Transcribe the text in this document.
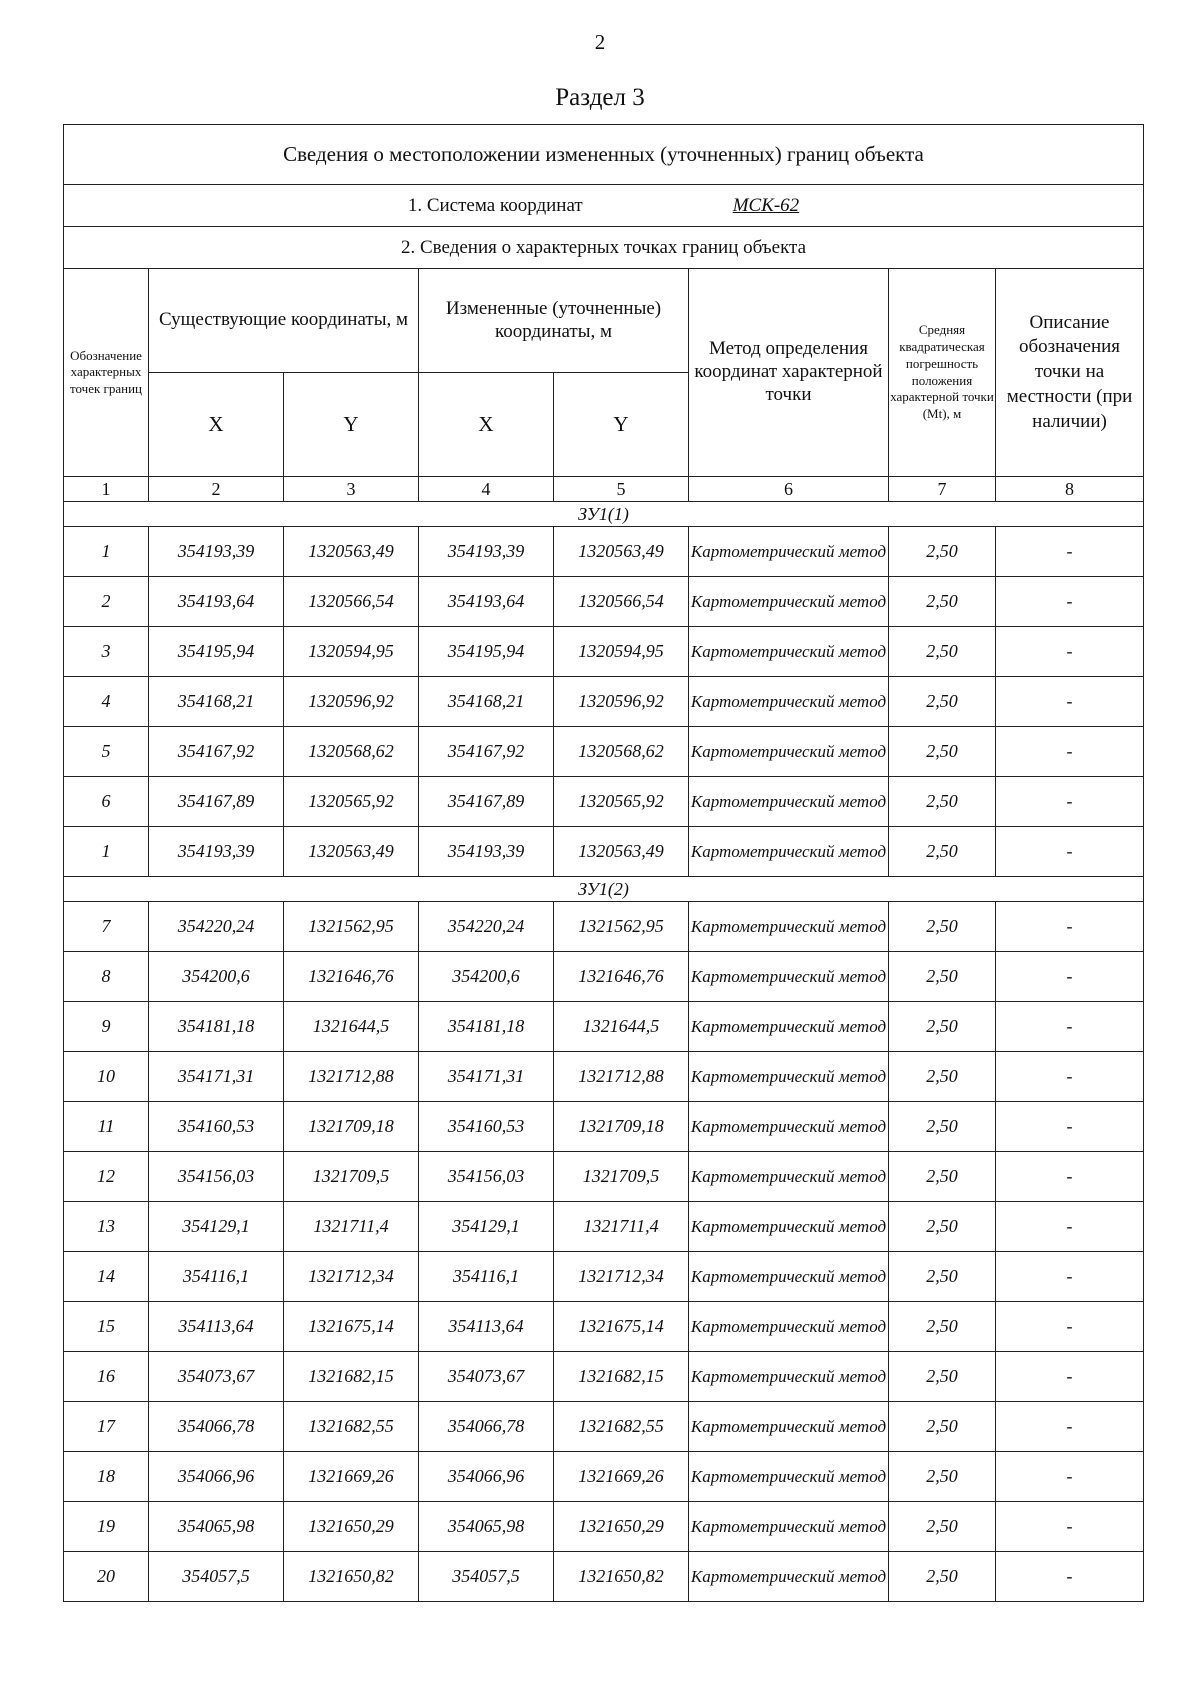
2
Раздел 3
Сведения о местоположении измененных (уточненных) границ объекта							
1. Система координат МСК-62							
2. Сведения о характерных точках границ объекта							
Обозначение характерных точек границ	Существующие координаты, м		Измененные (уточненные) координаты, м		Метод определения координат характерной точки	Средняя квадратическая погрешность положения характерной точки (Mt), м	Описание обозначения точки на местности (при наличии)
	X	Y	X	Y			
1	2	3	4	5	6	7	8
ЗУ1(1)							
1	354193,39	1320563,49	354193,39	1320563,49	Картометрический метод	2,50	-
2	354193,64	1320566,54	354193,64	1320566,54	Картометрический метод	2,50	-
3	354195,94	1320594,95	354195,94	1320594,95	Картометрический метод	2,50	-
4	354168,21	1320596,92	354168,21	1320596,92	Картометрический метод	2,50	-
5	354167,92	1320568,62	354167,92	1320568,62	Картометрический метод	2,50	-
6	354167,89	1320565,92	354167,89	1320565,92	Картометрический метод	2,50	-
1	354193,39	1320563,49	354193,39	1320563,49	Картометрический метод	2,50	-
ЗУ1(2)							
7	354220,24	1321562,95	354220,24	1321562,95	Картометрический метод	2,50	-
8	354200,6	1321646,76	354200,6	1321646,76	Картометрический метод	2,50	-
9	354181,18	1321644,5	354181,18	1321644,5	Картометрический метод	2,50	-
10	354171,31	1321712,88	354171,31	1321712,88	Картометрический метод	2,50	-
11	354160,53	1321709,18	354160,53	1321709,18	Картометрический метод	2,50	-
12	354156,03	1321709,5	354156,03	1321709,5	Картометрический метод	2,50	-
13	354129,1	1321711,4	354129,1	1321711,4	Картометрический метод	2,50	-
14	354116,1	1321712,34	354116,1	1321712,34	Картометрический метод	2,50	-
15	354113,64	1321675,14	354113,64	1321675,14	Картометрический метод	2,50	-
16	354073,67	1321682,15	354073,67	1321682,15	Картометрический метод	2,50	-
17	354066,78	1321682,55	354066,78	1321682,55	Картометрический метод	2,50	-
18	354066,96	1321669,26	354066,96	1321669,26	Картометрический метод	2,50	-
19	354065,98	1321650,29	354065,98	1321650,29	Картометрический метод	2,50	-
20	354057,5	1321650,82	354057,5	1321650,82	Картометрический метод	2,50	-
